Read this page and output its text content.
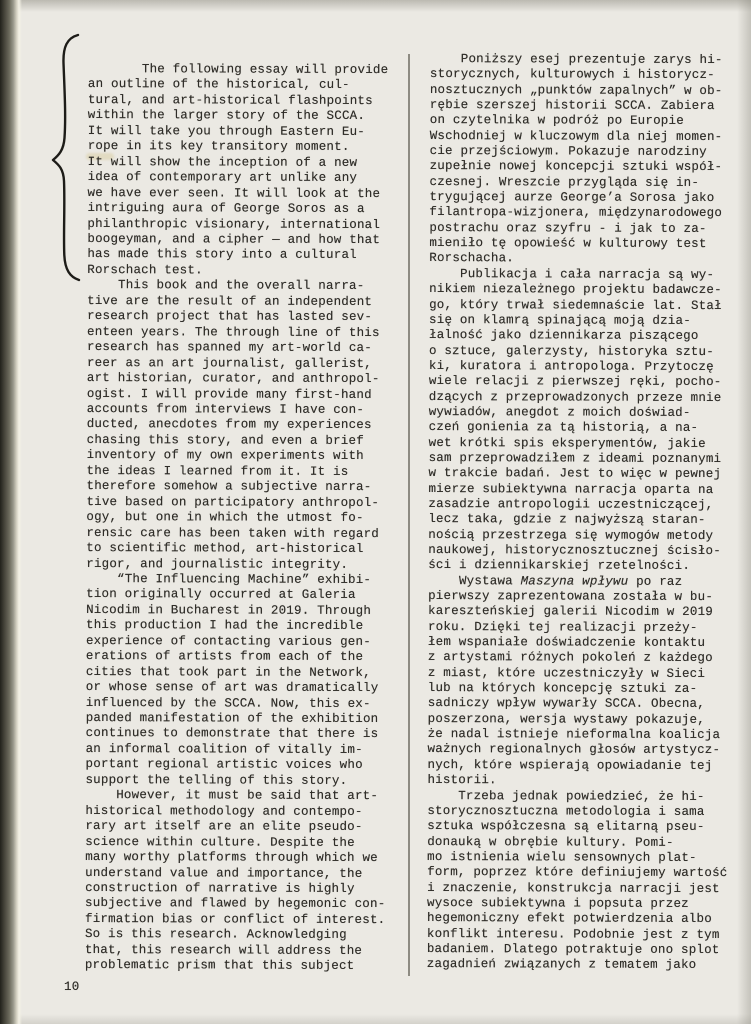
The following essay will provide
an outline of the historical, cul-
tural, and art-historical flashpoints
within the larger story of the SCCA.
It will take you through Eastern Eu-
rope in its key transitory moment.
It will show the inception of a new
idea of contemporary art unlike any
we have ever seen. It will look at the
intriguing aura of George Soros as a
philanthropic visionary, international
boogeyman, and a cipher — and how that
has made this story into a cultural
Rorschach test.
This book and the overall narra-
tive are the result of an independent
research project that has lasted sev-
enteen years. The through line of this
research has spanned my art-world ca-
reer as an art journalist, gallerist,
art historian, curator, and anthropol-
ogist. I will provide many first-hand
accounts from interviews I have con-
ducted, anecdotes from my experiences
chasing this story, and even a brief
inventory of my own experiments with
the ideas I learned from it. It is
therefore somehow a subjective narra-
tive based on participatory anthropol-
ogy, but one in which the utmost fo-
rensic care has been taken with regard
to scientific method, art-historical
rigor, and journalistic integrity.
“The Influencing Machine” exhibi-
tion originally occurred at Galeria
Nicodim in Bucharest in 2019. Through
this production I had the incredible
experience of contacting various gen-
erations of artists from each of the
cities that took part in the Network,
or whose sense of art was dramatically
influenced by the SCCA. Now, this ex-
panded manifestation of the exhibition
continues to demonstrate that there is
an informal coalition of vitally im-
portant regional artistic voices who
support the telling of this story.
However, it must be said that art-
historical methodology and contempo-
rary art itself are an elite pseudo-
science within culture. Despite the
many worthy platforms through which we
understand value and importance, the
construction of narrative is highly
subjective and flawed by hegemonic con-
firmation bias or conflict of interest.
So is this research. Acknowledging
that, this research will address the
problematic prism that this subject
Poniższy esej prezentuje zarys hi-
storycznych, kulturowych i historycz-
nosztucznych „punktów zapalnych” w ob-
rębie szerszej historii SCCA. Zabiera
on czytelnika w podróż po Europie
Wschodniej w kluczowym dla niej momen-
cie przejściowym. Pokazuje narodziny
zupełnie nowej koncepcji sztuki współ-
czesnej. Wreszcie przygląda się in-
trygującej aurze George’a Sorosa jako
filantropa-wizjonera, międzynarodowego
postrachu oraz szyfru - i jak to za-
mieniło tę opowieść w kulturowy test
Rorschacha.
Publikacja i cała narracja są wy-
nikiem niezależnego projektu badawcze-
go, który trwał siedemnaście lat. Stał
się on klamrą spinającą moją dzia-
łalność jako dziennikarza piszącego
o sztuce, galerzysty, historyka sztu-
ki, kuratora i antropologa. Przytoczę
wiele relacji z pierwszej ręki, pocho-
dzących z przeprowadzonych przeze mnie
wywiadów, anegdot z moich doświad-
czeń gonienia za tą historią, a na-
wet krótki spis eksperymentów, jakie
sam przeprowadziłem z ideami poznanymi
w trakcie badań. Jest to więc w pewnej
mierze subiektywna narracja oparta na
zasadzie antropologii uczestniczącej,
lecz taka, gdzie z najwyższą staran-
nością przestrzega się wymogów metody
naukowej, historycznosztucznej ścisło-
ści i dziennikarskiej rzetelności.
Wystawa Maszyna wpływu po raz
pierwszy zaprezentowana została w bu-
kareszteńskiej galerii Nicodim w 2019
roku. Dzięki tej realizacji przeży-
łem wspaniałe doświadczenie kontaktu
z artystami różnych pokoleń z każdego
z miast, które uczestniczyły w Sieci
lub na których koncepcję sztuki za-
sadniczy wpływ wywarły SCCA. Obecna,
poszerzona, wersja wystawy pokazuje,
że nadal istnieje nieformalna koalicja
ważnych regionalnych głosów artystycz-
nych, które wspierają opowiadanie tej
historii.
Trzeba jednak powiedzieć, że hi-
storycznosztuczna metodologia i sama
sztuka współczesna są elitarną pseu-
donauką w obrębie kultury. Pomi-
mo istnienia wielu sensownych plat-
form, poprzez które definiujemy wartość
i znaczenie, konstrukcja narracji jest
wysoce subiektywna i popsuta przez
hegemoniczny efekt potwierdzenia albo
konflikt interesu. Podobnie jest z tym
badaniem. Dlatego potraktuje ono splot
zagadnień związanych z tematem jako
10
